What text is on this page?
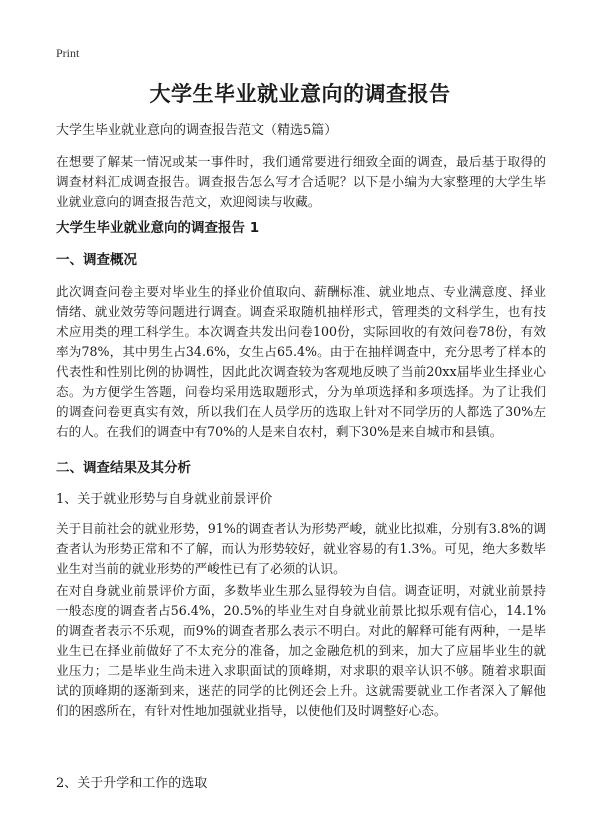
Print
大学生毕业就业意向的调查报告

大学生毕业就业意向的调查报告范文（精选5篇）

在想要了解某一情况或某一事件时，我们通常要进行细致全面的调查，最后基于取得的调查材料汇成调查报告。调查报告怎么写才合适呢？以下是小编为大家整理的大学生毕业就业意向的调查报告范文，欢迎阅读与收藏。

大学生毕业就业意向的调查报告 1

一、调查概况

此次调查问卷主要对毕业生的择业价值取向、薪酬标准、就业地点、专业满意度、择业情绪、就业效劳等问题进行调查。调查采取随机抽样形式，管理类的文科学生，也有技术应用类的理工科学生。本次调查共发出问卷100份，实际回收的有效问卷78份，有效率为78%，其中男生占34.6%，女生占65.4%。由于在抽样调查中，充分思考了样本的代表性和性别比例的协调性，因此此次调查较为客观地反映了当前20xx届毕业生择业心态。为方便学生答题，问卷均采用选取题形式，分为单项选择和多项选择。为了让我们的调查问卷更真实有效，所以我们在人员学历的选取上针对不同学历的人都选了30%左右的人。在我们的调查中有70%的人是来自农村，剩下30%是来自城市和县镇。

二、调查结果及其分析

1、关于就业形势与自身就业前景评价

关于目前社会的就业形势，91%的调查者认为形势严峻，就业比拟难，分别有3.8%的调查者认为形势正常和不了解，而认为形势较好，就业容易的有1.3%。可见，绝大多数毕业生对当前的就业形势的严峻性已有了必须的认识。

在对自身就业前景评价方面，多数毕业生那么显得较为自信。调查证明，对就业前景持一般态度的调查者占56.4%，20.5%的毕业生对自身就业前景比拟乐观有信心，14.1%的调查者表示不乐观，而9%的调查者那么表示不明白。对此的解释可能有两种，一是毕业生已在择业前做好了不太充分的准备，加之金融危机的到来，加大了应届毕业生的就业压力；二是毕业生尚未进入求职面试的顶峰期，对求职的艰辛认识不够。随着求职面试的顶峰期的逐渐到来，迷茫的同学的比例还会上升。这就需要就业工作者深入了解他们的困惑所在，有针对性地加强就业指导，以使他们及时调整好心态。

2、关于升学和工作的选取
